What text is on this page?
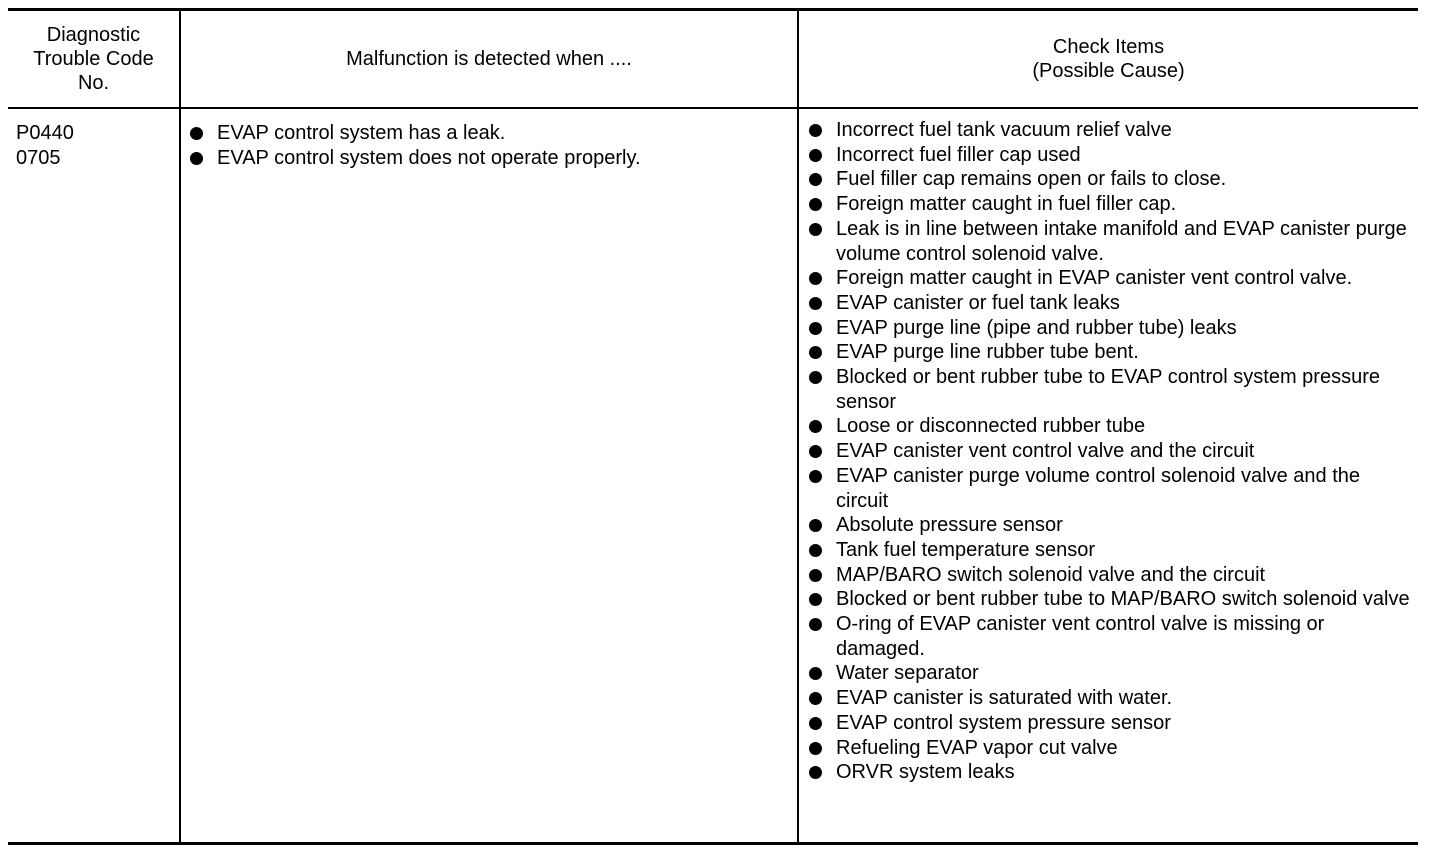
Diagnostic
Trouble Code
No.
Malfunction is detected when ....
Check Items
(Possible Cause)
P0440
0705
EVAP control system has a leak.
EVAP control system does not operate properly.
Incorrect fuel tank vacuum relief valve
Incorrect fuel filler cap used
Fuel filler cap remains open or fails to close.
Foreign matter caught in fuel filler cap.
Leak is in line between intake manifold and EVAP canister purge volume control solenoid valve.
Foreign matter caught in EVAP canister vent control valve.
EVAP canister or fuel tank leaks
EVAP purge line (pipe and rubber tube) leaks
EVAP purge line rubber tube bent.
Blocked or bent rubber tube to EVAP control system pressure sensor
Loose or disconnected rubber tube
EVAP canister vent control valve and the circuit
EVAP canister purge volume control solenoid valve and the circuit
Absolute pressure sensor
Tank fuel temperature sensor
MAP/BARO switch solenoid valve and the circuit
Blocked or bent rubber tube to MAP/BARO switch solenoid valve
O-ring of EVAP canister vent control valve is missing or damaged.
Water separator
EVAP canister is saturated with water.
EVAP control system pressure sensor
Refueling EVAP vapor cut valve
ORVR system leaks
